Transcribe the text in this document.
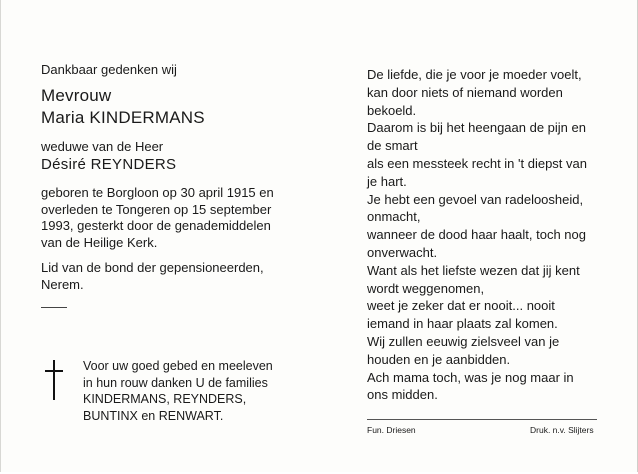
Dankbaar gedenken wij

Mevrouw

Maria KINDERMANS

weduwe van de Heer

Désiré REYNDERS

geboren te Borgloon op 30 april 1915 en
overleden te Tongeren op 15 september
1993, gesterkt door de genademiddelen
van de Heilige Kerk.
Lid van de bond der gepensioneerden,
Nerem.
Voor uw goed gebed en meeleven
in hun rouw danken U de families
KINDERMANS, REYNDERS,
BUNTINX en RENWART.
De liefde, die je voor je moeder voelt,
kan door niets of niemand worden
bekoeld.
Daarom is bij het heengaan de pijn en
de smart
als een messteek recht in 't diepst van
je hart.
Je hebt een gevoel van radeloosheid,
onmacht,
wanneer de dood haar haalt, toch nog
onverwacht.
Want als het liefste wezen dat jij kent
wordt weggenomen,
weet je zeker dat er nooit... nooit
iemand in haar plaats zal komen.
Wij zullen eeuwig zielsveel van je
houden en je aanbidden.
Ach mama toch, was je nog maar in
ons midden.
Fun. Driesen	Druk. n.v. Slijters
